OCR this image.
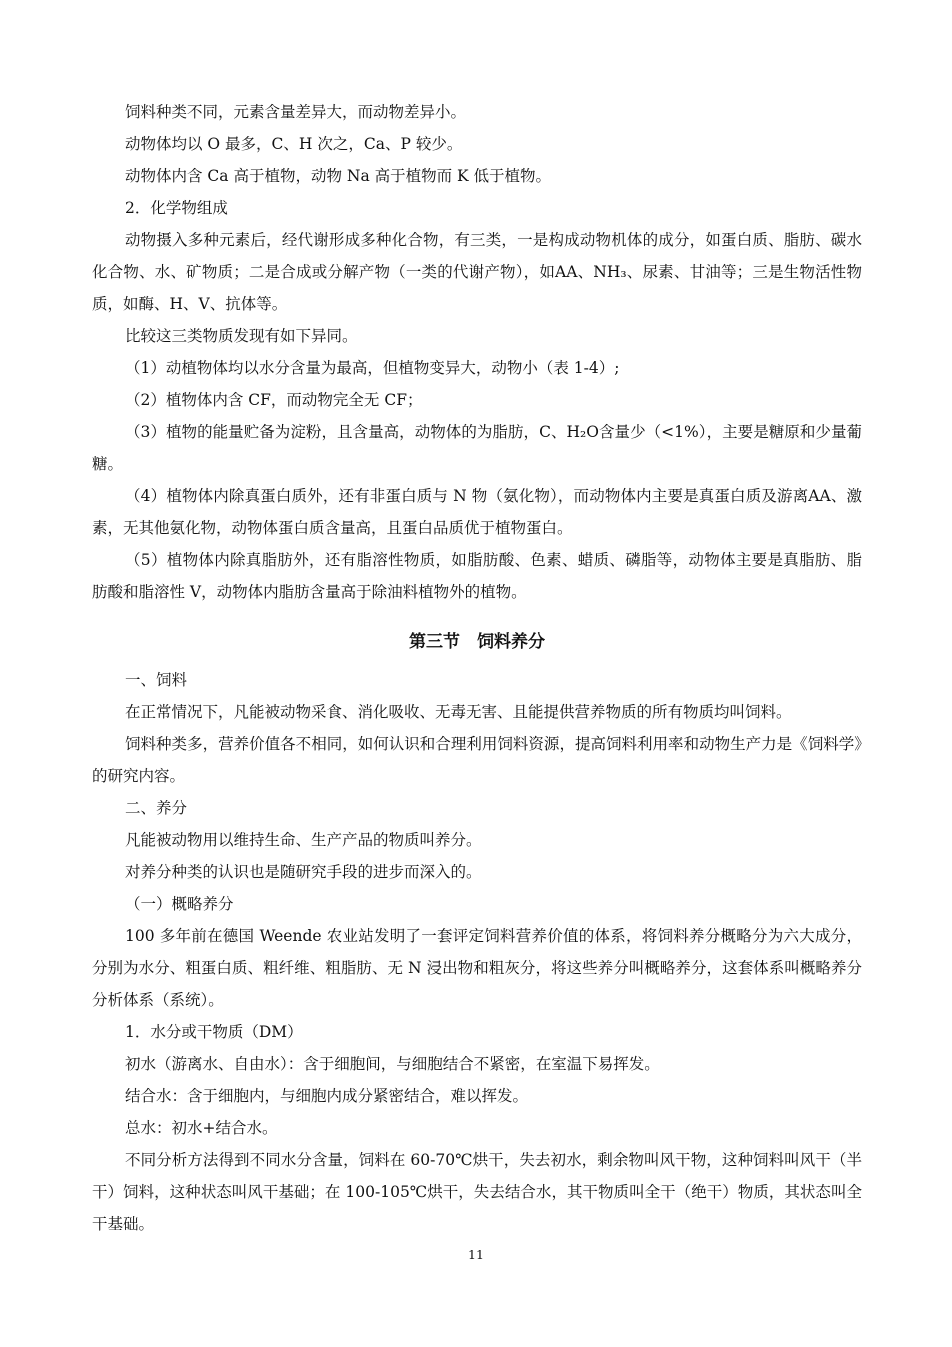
饲料种类不同，元素含量差异大，而动物差异小。

动物体均以 O 最多，C、H 次之，Ca、P 较少。

动物体内含 Ca 高于植物，动物 Na 高于植物而 K 低于植物。

2．化学物组成

动物摄入多种元素后，经代谢形成多种化合物，有三类，一是构成动物机体的成分，如蛋白质、脂肪、碳水化合物、水、矿物质；二是合成或分解产物（一类的代谢产物），如AA、NH₃、尿素、甘油等；三是生物活性物质，如酶、H、V、抗体等。

比较这三类物质发现有如下异同。

（1）动植物体均以水分含量为最高，但植物变异大，动物小（表 1-4）;

（2）植物体内含 CF，而动物完全无 CF；

（3）植物的能量贮备为淀粉，且含量高，动物体的为脂肪，C、H₂O含量少（<1%），主要是糖原和少量葡糖。

（4）植物体内除真蛋白质外，还有非蛋白质与 N 物（氨化物），而动物体内主要是真蛋白质及游离AA、激素，无其他氨化物，动物体蛋白质含量高，且蛋白品质优于植物蛋白。

（5）植物体内除真脂肪外，还有脂溶性物质，如脂肪酸、色素、蜡质、磷脂等，动物体主要是真脂肪、脂肪酸和脂溶性 V，动物体内脂肪含量高于除油料植物外的植物。

第三节　饲料养分

一、饲料

在正常情况下，凡能被动物采食、消化吸收、无毒无害、且能提供营养物质的所有物质均叫饲料。

饲料种类多，营养价值各不相同，如何认识和合理利用饲料资源，提高饲料利用率和动物生产力是《饲料学》的研究内容。

二、养分

凡能被动物用以维持生命、生产产品的物质叫养分。

对养分种类的认识也是随研究手段的进步而深入的。

（一）概略养分

100 多年前在德国 Weende 农业站发明了一套评定饲料营养价值的体系，将饲料养分概略分为六大成分，分别为水分、粗蛋白质、粗纤维、粗脂肪、无 N 浸出物和粗灰分，将这些养分叫概略养分，这套体系叫概略养分分析体系（系统）。

1．水分或干物质（DM）

初水（游离水、自由水）：含于细胞间，与细胞结合不紧密，在室温下易挥发。

结合水：含于细胞内，与细胞内成分紧密结合，难以挥发。

总水：初水+结合水。

不同分析方法得到不同水分含量，饲料在 60-70℃烘干，失去初水，剩余物叫风干物，这种饲料叫风干（半干）饲料，这种状态叫风干基础；在 100-105℃烘干，失去结合水，其干物质叫全干（绝干）物质，其状态叫全干基础。

11
